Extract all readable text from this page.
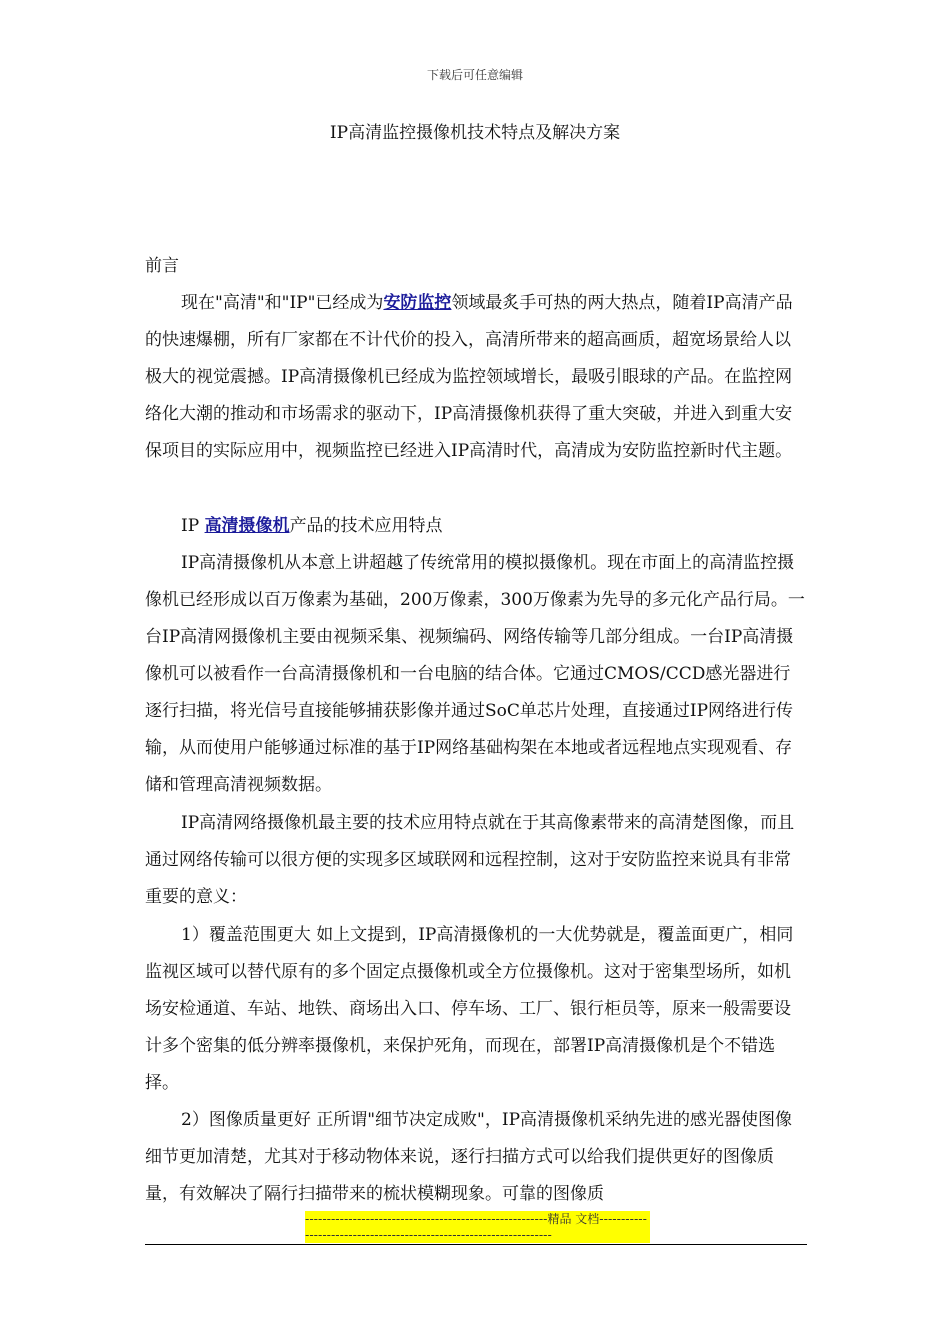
下载后可任意编辑
IP高清监控摄像机技术特点及解决方案

前言

现在"高清"和"IP"已经成为安防监控领域最炙手可热的两大热点，随着IP高清产品的快速爆棚，所有厂家都在不计代价的投入，高清所带来的超高画质，超宽场景给人以极大的视觉震撼。IP高清摄像机已经成为监控领域增长，最吸引眼球的产品。在监控网络化大潮的推动和市场需求的驱动下，IP高清摄像机获得了重大突破，并进入到重大安保项目的实际应用中，视频监控已经进入IP高清时代，高清成为安防监控新时代主题。

IP 高清摄像机产品的技术应用特点

IP高清摄像机从本意上讲超越了传统常用的模拟摄像机。现在市面上的高清监控摄像机已经形成以百万像素为基础，200万像素，300万像素为先导的多元化产品行局。一台IP高清网摄像机主要由视频采集、视频编码、网络传输等几部分组成。一台IP高清摄像机可以被看作一台高清摄像机和一台电脑的结合体。它通过CMOS/CCD感光器进行逐行扫描，将光信号直接能够捕获影像并通过SoC单芯片处理，直接通过IP网络进行传输，从而使用户能够通过标准的基于IP网络基础构架在本地或者远程地点实现观看、存储和管理高清视频数据。

IP高清网络摄像机最主要的技术应用特点就在于其高像素带来的高清楚图像，而且通过网络传输可以很方便的实现多区域联网和远程控制，这对于安防监控来说具有非常重要的意义：

1）覆盖范围更大 如上文提到，IP高清摄像机的一大优势就是，覆盖面更广，相同监视区域可以替代原有的多个固定点摄像机或全方位摄像机。这对于密集型场所，如机场安检通道、车站、地铁、商场出入口、停车场、工厂、银行柜员等，原来一般需要设计多个密集的低分辨率摄像机，来保护死角，而现在，部署IP高清摄像机是个不错选择。

2）图像质量更好 正所谓"细节决定成败"，IP高清摄像机采纳先进的感光器使图像细节更加清楚，尤其对于移动物体来说，逐行扫描方式可以给我们提供更好的图像质量，有效解决了隔行扫描带来的梳状模糊现象。可靠的图像质

--------------------------------------------------------精品 文档--------------------------------------------------------------------
